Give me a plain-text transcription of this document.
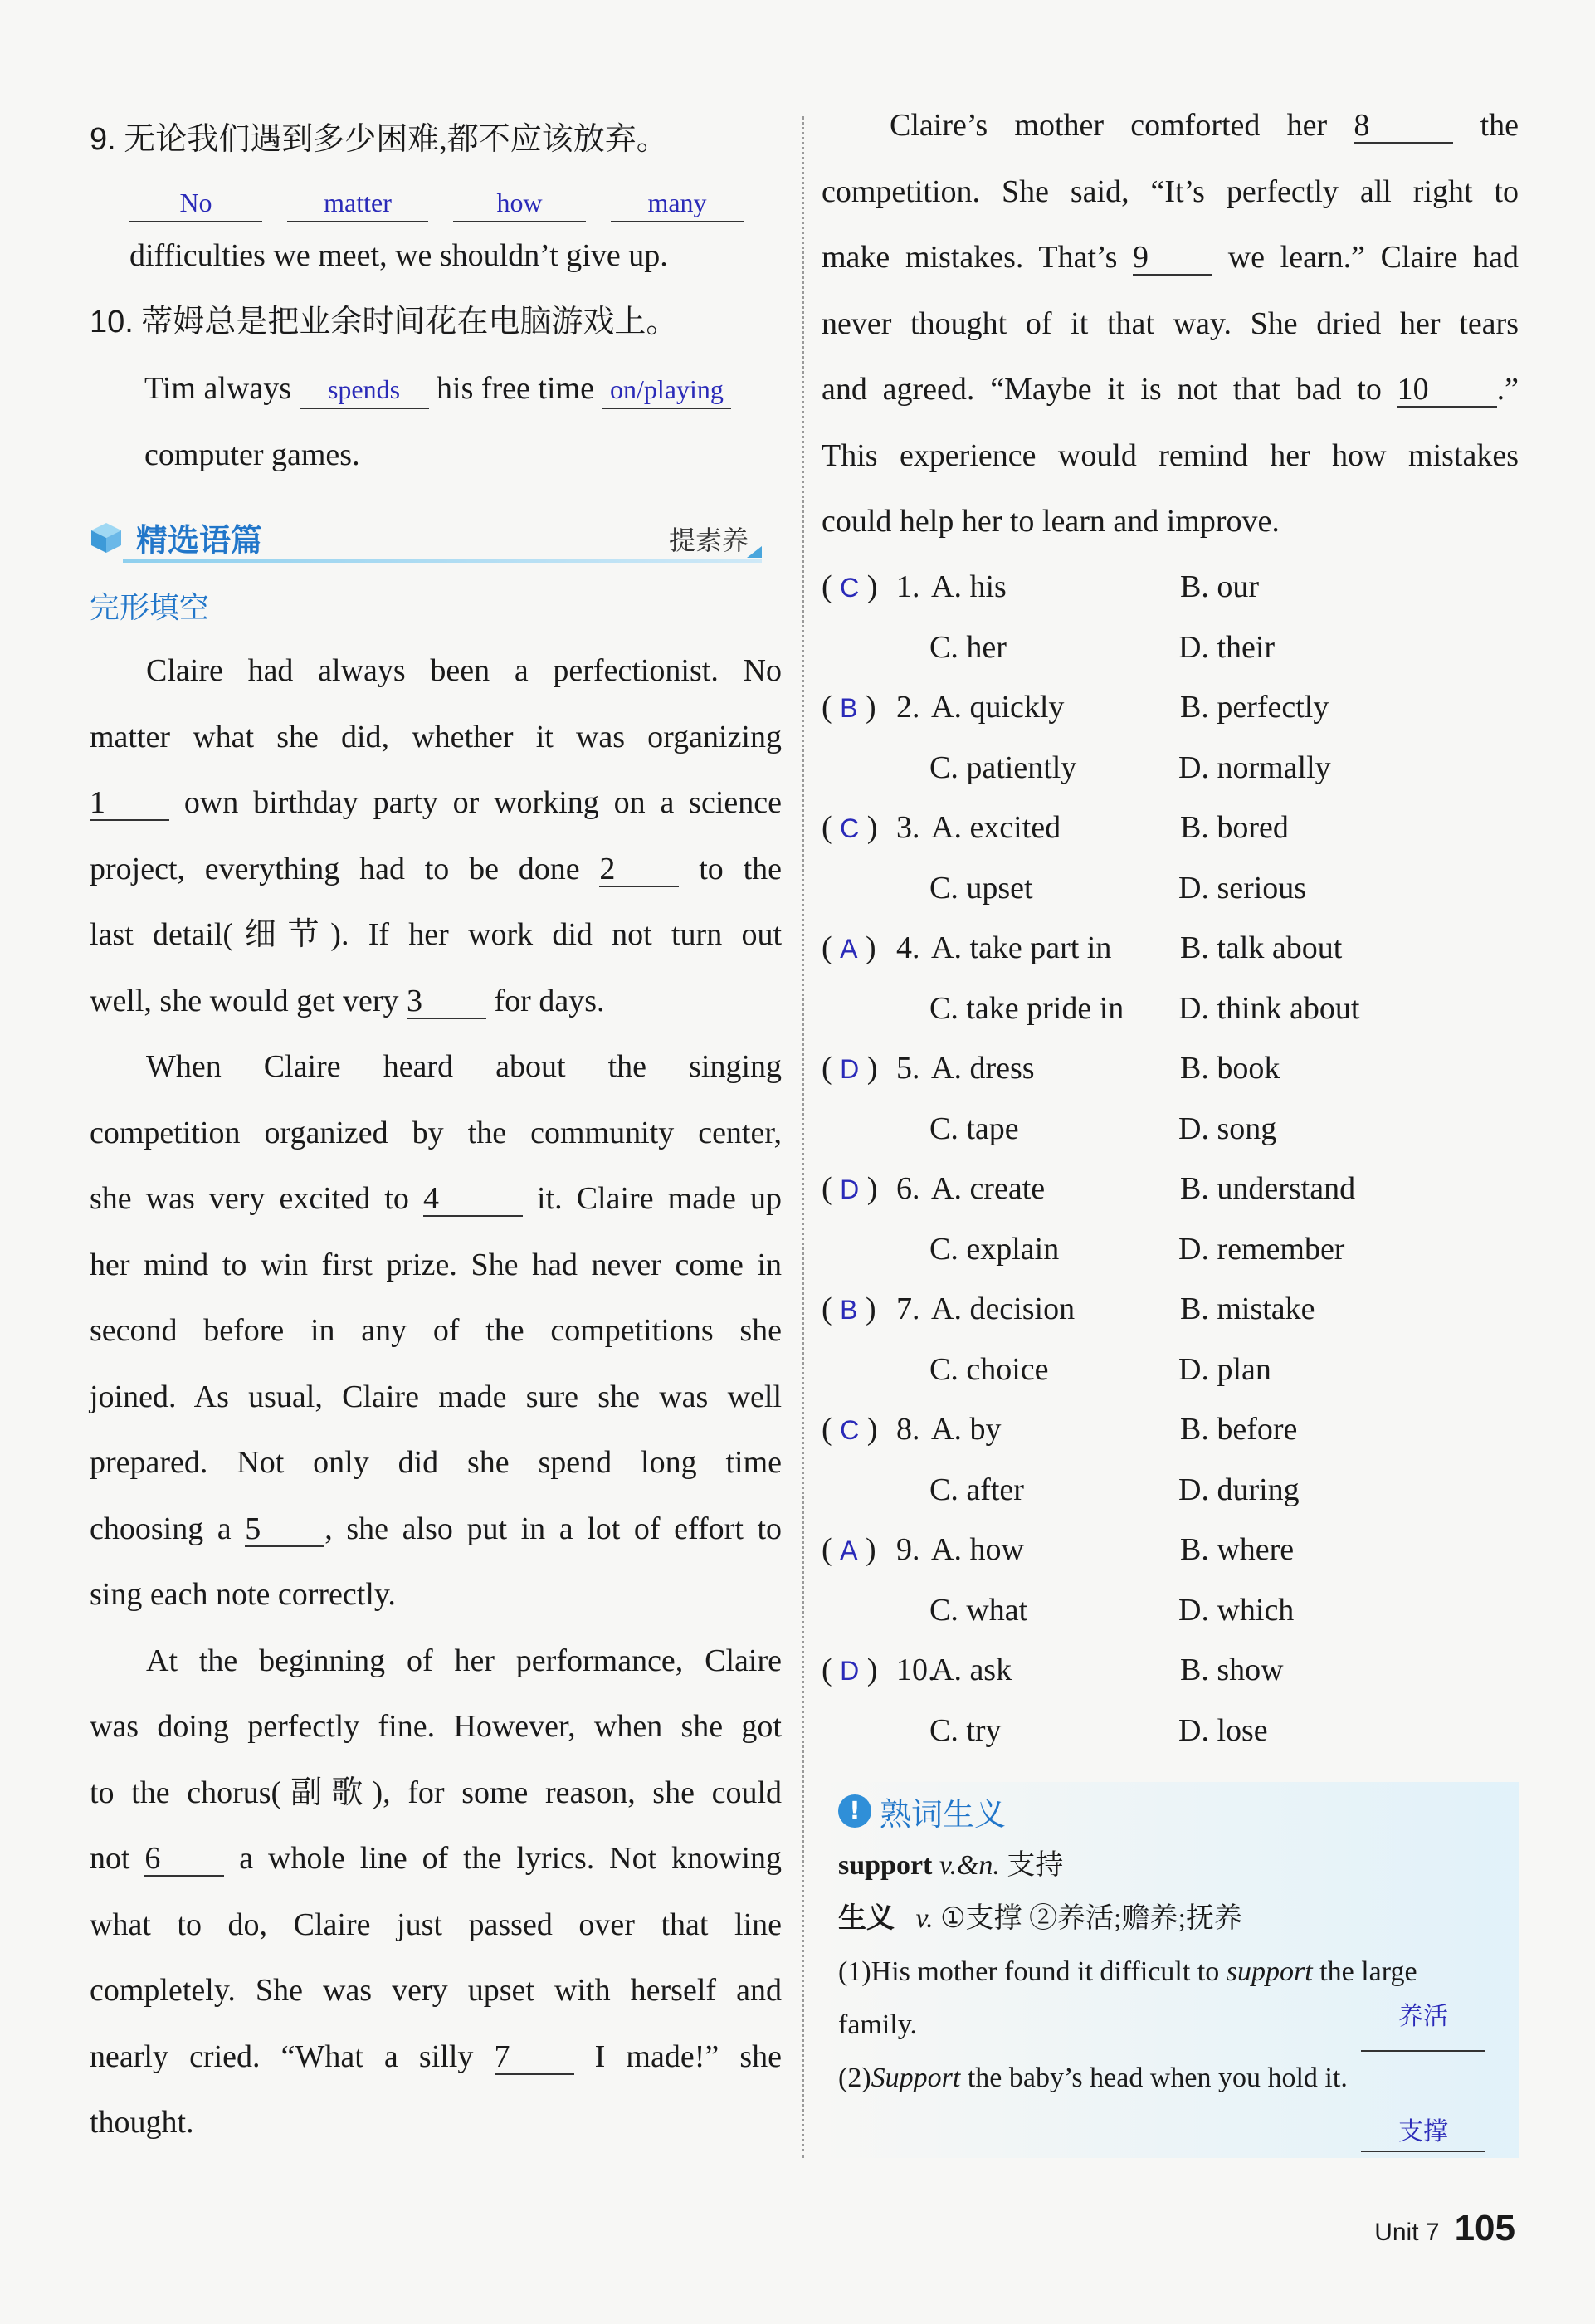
9. 无论我们遇到多少困难,都不应该放弃。
No	matter	how	many
difficulties we meet, we shouldn’t give up.
10. 蒂姆总是把业余时间花在电脑游戏上。
Tim always spends his free time on/playing
computer games.
精选语篇	提素养
完形填空
Claire had always been a perfectionist. No
matter what she did, whether it was organizing
1 own birthday party or working on a science
project, everything had to be done 2	to the
last detail(细节). If her work did not turn out
well, she would get very 3 for days.
When Claire heard about the singing
competition organized by the community center,
she was very excited to 4	it. Claire made up
her mind to win first prize. She had never come in
second before in any of the competitions she
joined. As usual, Claire made sure she was well
prepared. Not only did she spend long time
choosing a 5 , she also put in a lot of effort to
sing each note correctly.
At the beginning of her performance, Claire
was doing perfectly fine. However, when she got
to the chorus(副歌), for some reason, she could
not 6 a whole line of the lyrics. Not knowing
what to do, Claire just passed over that line
completely. She was very upset with herself and
nearly cried. “What a silly 7	I made!” she
thought.
Claire’s mother comforted her 8	the
competition. She said, “It’s perfectly all right to
make mistakes. That’s 9	we learn.” Claire had
never thought of it that way. She dried her tears
and agreed. “Maybe it is not that bad to 10 .”
This experience would remind her how mistakes
could help her to learn and improve.
( C ) 1. A. his	B. our
C. her	D. their
( B ) 2. A. quickly	B. perfectly
C. patiently	D. normally
( C ) 3. A. excited	B. bored
C. upset	D. serious
( A ) 4. A. take part in	B. talk about
C. take pride in	D. think about
( D ) 5. A. dress	B. book
C. tape	D. song
( D ) 6. A. create	B. understand
C. explain	D. remember
( B ) 7. A. decision	B. mistake
C. choice	D. plan
( C ) 8. A. by	B. before
C. after	D. during
( A ) 9. A. how	B. where
C. what	D. which
( D ) 10.
A. ask	B. show
C. try	D. lose
! 熟词生义
support v.&n. 支持
生义 v. ①支撑 ②养活;赡养;抚养
(1)His mother found it difficult to support the large
family.	养活
(2)Support the baby’s head when you hold it.
支撑
Unit 7 105
